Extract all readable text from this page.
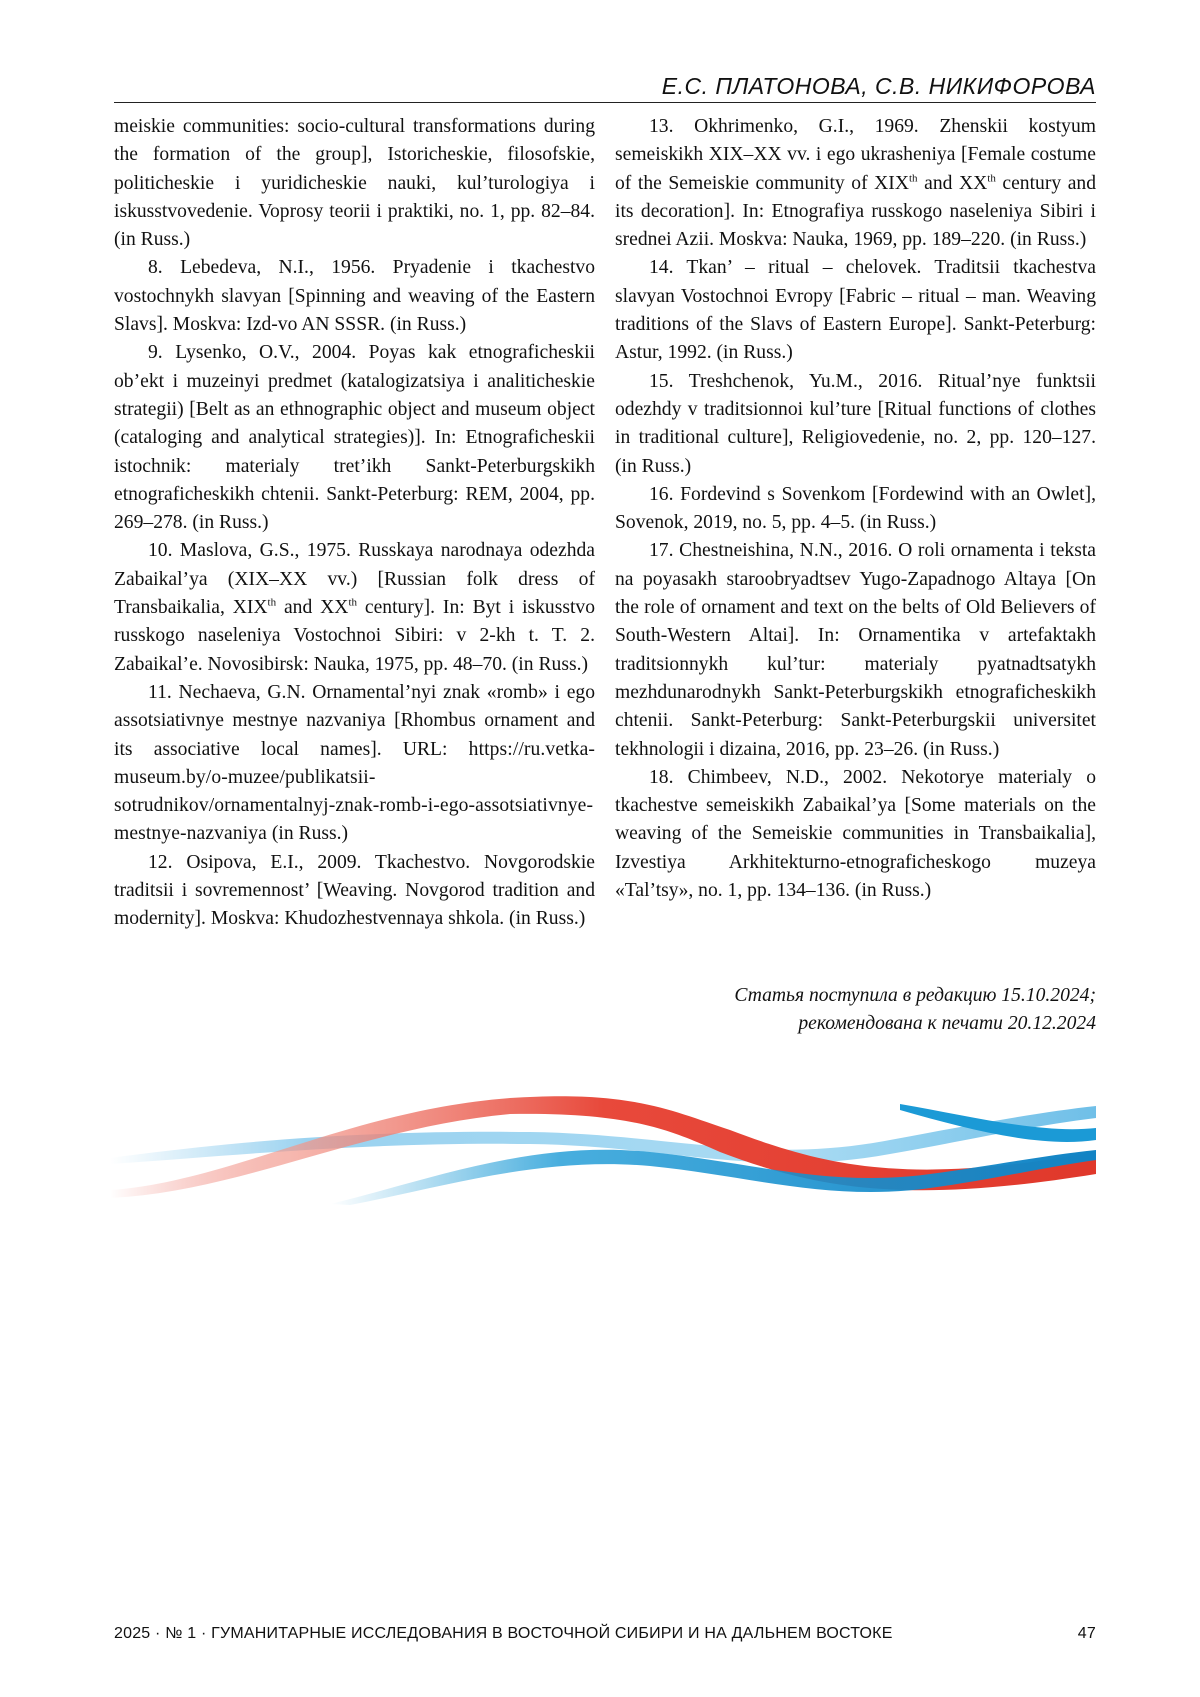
Е.С. ПЛАТОНОВА, С.В. НИКИФОРОВА

meiskie communities: socio-cultural transformations during the formation of the group], Istoricheskie, filosofskie, politicheskie i yuridicheskie nauki, kul’turologiya i iskusstvovedenie. Voprosy teorii i praktiki, no. 1, pp. 82–84. (in Russ.)

8. Lebedeva, N.I., 1956. Pryadenie i tkachestvo vostochnykh slavyan [Spinning and weaving of the Eastern Slavs]. Moskva: Izd-vo AN SSSR. (in Russ.)

9. Lysenko, O.V., 2004. Poyas kak etnograficheskii ob’ekt i muzeinyi predmet (katalogizatsiya i analiticheskie strategii) [Belt as an ethnographic object and museum object (cataloging and analytical strategies)]. In: Etnograficheskii istochnik: materialy tret’ikh Sankt-Peterburgskikh etnograficheskikh chtenii. Sankt-Peterburg: REM, 2004, pp. 269–278. (in Russ.)

10. Maslova, G.S., 1975. Russkaya narodnaya odezhda Zabaikal’ya (XIX–XX vv.) [Russian folk dress of Transbaikalia, XIXth and XXth century]. In: Byt i iskusstvo russkogo naseleniya Vostochnoi Sibiri: v 2-kh t. T. 2. Zabaikal’e. Novosibirsk: Nauka, 1975, pp. 48–70. (in Russ.)

11. Nechaeva, G.N. Ornamental’nyi znak «romb» i ego assotsiativnye mestnye nazvaniya [Rhombus ornament and its associative local names]. URL: https://ru.vetka-museum.by/o-muzee/publikatsii-sotrudnikov/ornamentalnyj-znak-romb-i-ego-assotsiativnye-mestnye-nazvaniya (in Russ.)

12. Osipova, E.I., 2009. Tkachestvo. Novgorodskie traditsii i sovremennost’ [Weaving. Novgorod tradition and modernity]. Moskva: Khudozhestvennaya shkola. (in Russ.)

13. Okhrimenko, G.I., 1969. Zhenskii kostyum semeiskikh XIX–XX vv. i ego ukrasheniya [Female costume of the Semeiskie community of XIXth and XXth century and its decoration]. In: Etnografiya russkogo naseleniya Sibiri i srednei Azii. Moskva: Nauka, 1969, pp. 189–220. (in Russ.)

14. Tkan’ – ritual – chelovek. Traditsii tkachestva slavyan Vostochnoi Evropy [Fabric – ritual – man. Weaving traditions of the Slavs of Eastern Europe]. Sankt-Peterburg: Astur, 1992. (in Russ.)

15. Treshchenok, Yu.M., 2016. Ritual’nye funktsii odezhdy v traditsionnoi kul’ture [Ritual functions of clothes in traditional culture], Religiovedenie, no. 2, pp. 120–127. (in Russ.)

16. Fordevind s Sovenkom [Fordewind with an Owlet], Sovenok, 2019, no. 5, pp. 4–5. (in Russ.)

17. Chestneishina, N.N., 2016. O roli ornamenta i teksta na poyasakh staroobryadtsev Yugo-Zapadnogo Altaya [On the role of ornament and text on the belts of Old Believers of South-Western Altai]. In: Ornamentika v artefaktakh traditsionnykh kul’tur: materialy pyatnadtsatykh mezhdunarodnykh Sankt-Peterburgskikh etnograficheskikh chtenii. Sankt-Peterburg: Sankt-Peterburgskii universitet tekhnologii i dizaina, 2016, pp. 23–26. (in Russ.)

18. Chimbeev, N.D., 2002. Nekotorye materialy o tkachestve semeiskikh Zabaikal’ya [Some materials on the weaving of the Semeiskie communities in Transbaikalia], Izvestiya Arkhitekturno-etnograficheskogo muzeya «Tal’tsy», no. 1, pp. 134–136. (in Russ.)

Статья поступила в редакцию 15.10.2024;
рекомендована к печати 20.12.2024
2025 · № 1 · ГУМАНИТАРНЫЕ ИССЛЕДОВАНИЯ В ВОСТОЧНОЙ СИБИРИ И НА ДАЛЬНЕМ ВОСТОКЕ	47
